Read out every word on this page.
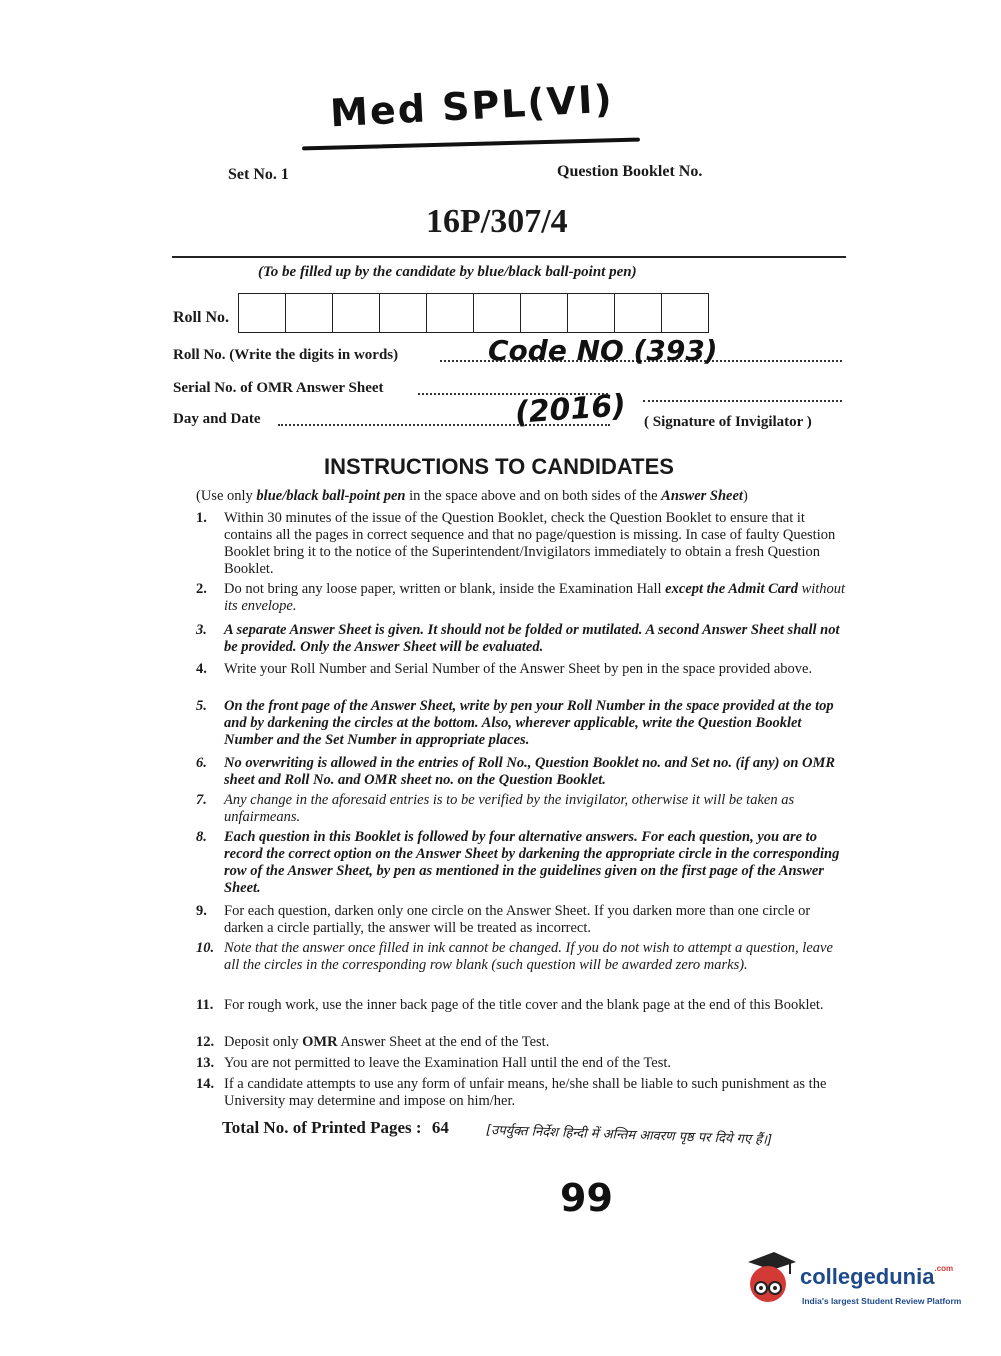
Med SPL(VI)
Set No. 1	Question Booklet No.
16P/307/4
(To be filled up by the candidate by blue/black ball-point pen)
Roll No.
Roll No. (Write the digits in words)	Code NO (393)
Serial No. of OMR Answer Sheet
Day and Date	(2016) ( Signature of Invigilator )
INSTRUCTIONS TO CANDIDATES
(Use only blue/black ball-point pen in the space above and on both sides of the Answer Sheet)
1.	Within 30 minutes of the issue of the Question Booklet, check the Question Booklet to ensure that it contains all the pages in correct sequence and that no page/question is missing. In case of faulty Question Booklet bring it to the notice of the Superintendent/Invigilators immediately to obtain a fresh Question Booklet.
2.	Do not bring any loose paper, written or blank, inside the Examination Hall except the Admit Card without its envelope.
3.	A separate Answer Sheet is given. It should not be folded or mutilated. A second Answer Sheet shall not be provided. Only the Answer Sheet will be evaluated.
4.	Write your Roll Number and Serial Number of the Answer Sheet by pen in the space provided above.
5.	On the front page of the Answer Sheet, write by pen your Roll Number in the space provided at the top and by darkening the circles at the bottom. Also, wherever applicable, write the Question Booklet Number and the Set Number in appropriate places.
6.	No overwriting is allowed in the entries of Roll No., Question Booklet no. and Set no. (if any) on OMR sheet and Roll No. and OMR sheet no. on the Question Booklet.
7.	Any change in the aforesaid entries is to be verified by the invigilator, otherwise it will be taken as unfairmeans.
8.	Each question in this Booklet is followed by four alternative answers. For each question, you are to record the correct option on the Answer Sheet by darkening the appropriate circle in the corresponding row of the Answer Sheet, by pen as mentioned in the guidelines given on the first page of the Answer Sheet.
9.	For each question, darken only one circle on the Answer Sheet. If you darken more than one circle or darken a circle partially, the answer will be treated as incorrect.
10. Note that the answer once filled in ink cannot be changed. If you do not wish to attempt a question, leave all the circles in the corresponding row blank (such question will be awarded zero marks).
11. For rough work, use the inner back page of the title cover and the blank page at the end of this Booklet.
12. Deposit only OMR Answer Sheet at the end of the Test.
13. You are not permitted to leave the Examination Hall until the end of the Test.
14. If a candidate attempts to use any form of unfair means, he/she shall be liable to such punishment as the University may determine and impose on him/her.
Total No. of Printed Pages : 64	[उपर्युक्त निर्देश हिन्दी में अन्तिम आवरण पृष्ठ पर दिये गए हैं।]
99
collegedunia$^{.com}$
India's largest Student Review Platform
